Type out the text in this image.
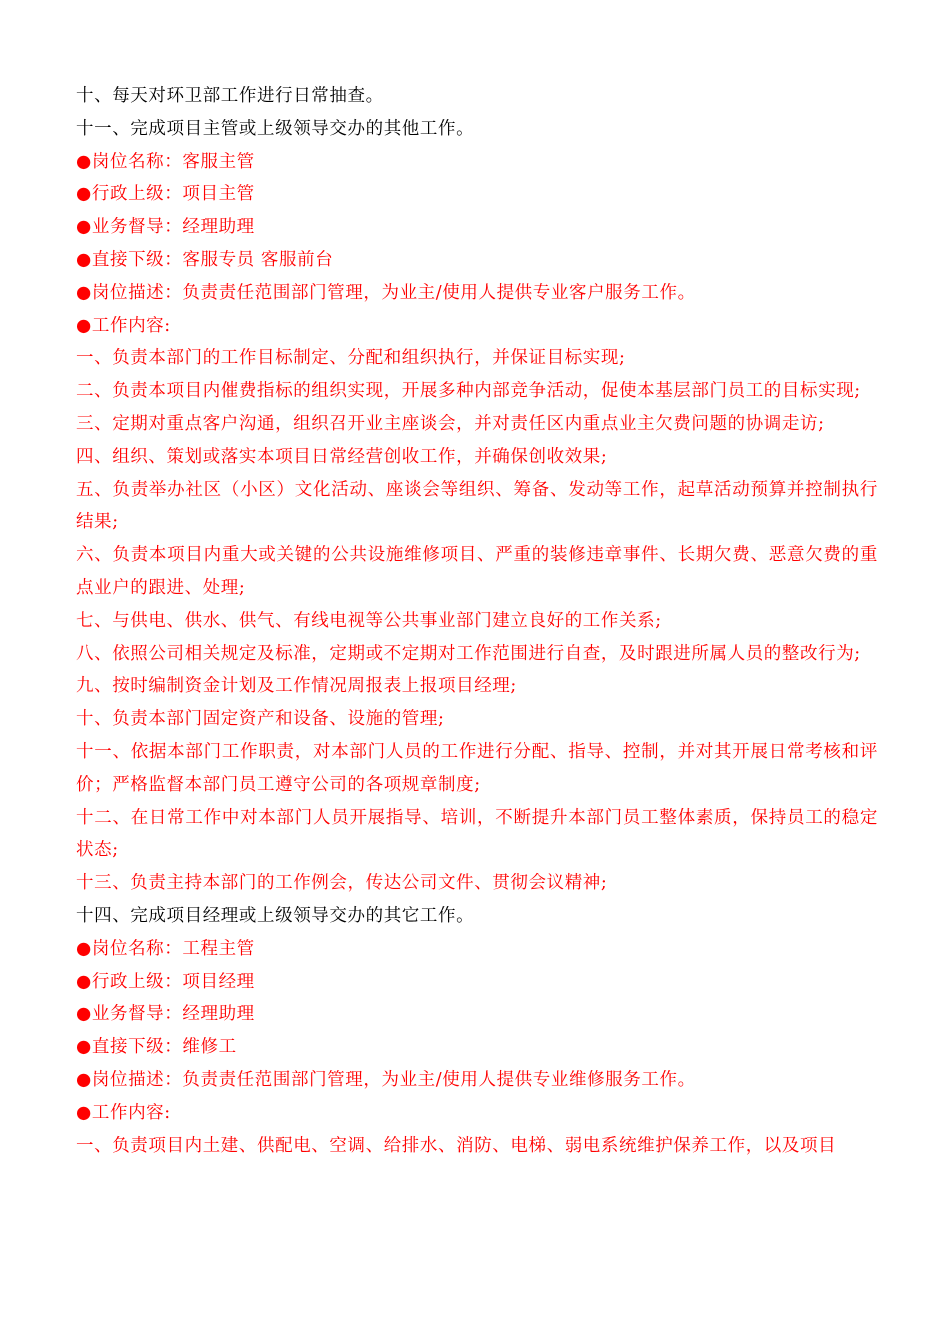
十、每天对环卫部工作进行日常抽查。
十一、完成项目主管或上级领导交办的其他工作。
●岗位名称：客服主管
●行政上级：项目主管
●业务督导：经理助理
●直接下级：客服专员 客服前台
●岗位描述：负责责任范围部门管理，为业主/使用人提供专业客户服务工作。
●工作内容:
一、负责本部门的工作目标制定、分配和组织执行，并保证目标实现;
二、负责本项目内催费指标的组织实现，开展多种内部竞争活动，促使本基层部门员工的目标实现;
三、定期对重点客户沟通，组织召开业主座谈会，并对责任区内重点业主欠费问题的协调走访;
四、组织、策划或落实本项目日常经营创收工作，并确保创收效果;
五、负责举办社区（小区）文化活动、座谈会等组织、筹备、发动等工作，起草活动预算并控制执行结果;
六、负责本项目内重大或关键的公共设施维修项目、严重的装修违章事件、长期欠费、恶意欠费的重点业户的跟进、处理;
七、与供电、供水、供气、有线电视等公共事业部门建立良好的工作关系;
八、依照公司相关规定及标准，定期或不定期对工作范围进行自查，及时跟进所属人员的整改行为;
九、按时编制资金计划及工作情况周报表上报项目经理;
十、负责本部门固定资产和设备、设施的管理;
十一、依据本部门工作职责，对本部门人员的工作进行分配、指导、控制，并对其开展日常考核和评价；严格监督本部门员工遵守公司的各项规章制度;
十二、在日常工作中对本部门人员开展指导、培训，不断提升本部门员工整体素质，保持员工的稳定状态;
十三、负责主持本部门的工作例会，传达公司文件、贯彻会议精神;
十四、完成项目经理或上级领导交办的其它工作。
●岗位名称：工程主管
●行政上级：项目经理
●业务督导：经理助理
●直接下级：维修工
●岗位描述：负责责任范围部门管理，为业主/使用人提供专业维修服务工作。
●工作内容:
一、负责项目内土建、供配电、空调、给排水、消防、电梯、弱电系统维护保养工作，以及项目
